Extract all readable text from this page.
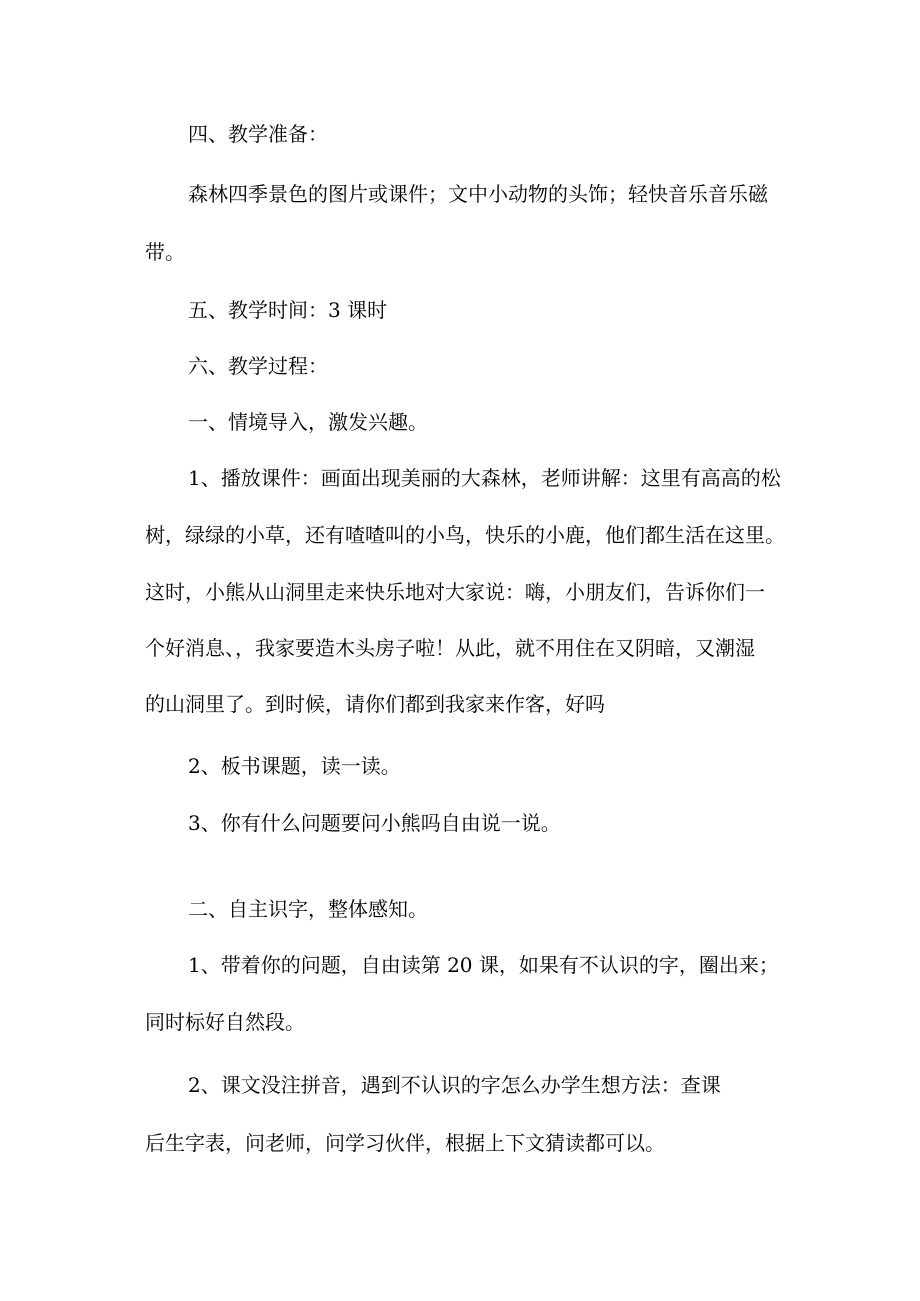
四、教学准备：
森林四季景色的图片或课件；文中小动物的头饰；轻快音乐音乐磁
带。
五、教学时间：3 课时
六、教学过程：
一、情境导入，激发兴趣。
1、播放课件：画面出现美丽的大森林，老师讲解：这里有高高的松
树，绿绿的小草，还有喳喳叫的小鸟，快乐的小鹿，他们都生活在这里。
这时，小熊从山洞里走来快乐地对大家说：嗨，小朋友们，告诉你们一
个好消息、，我家要造木头房子啦！从此，就不用住在又阴暗，又潮湿
的山洞里了。到时候，请你们都到我家来作客，好吗
2、板书课题，读一读。
3、你有什么问题要问小熊吗自由说一说。
二、自主识字，整体感知。
1、带着你的问题，自由读第 20 课，如果有不认识的字，圈出来；
同时标好自然段。
2、课文没注拼音，遇到不认识的字怎么办学生想方法：查课
后生字表，问老师，问学习伙伴，根据上下文猜读都可以。
